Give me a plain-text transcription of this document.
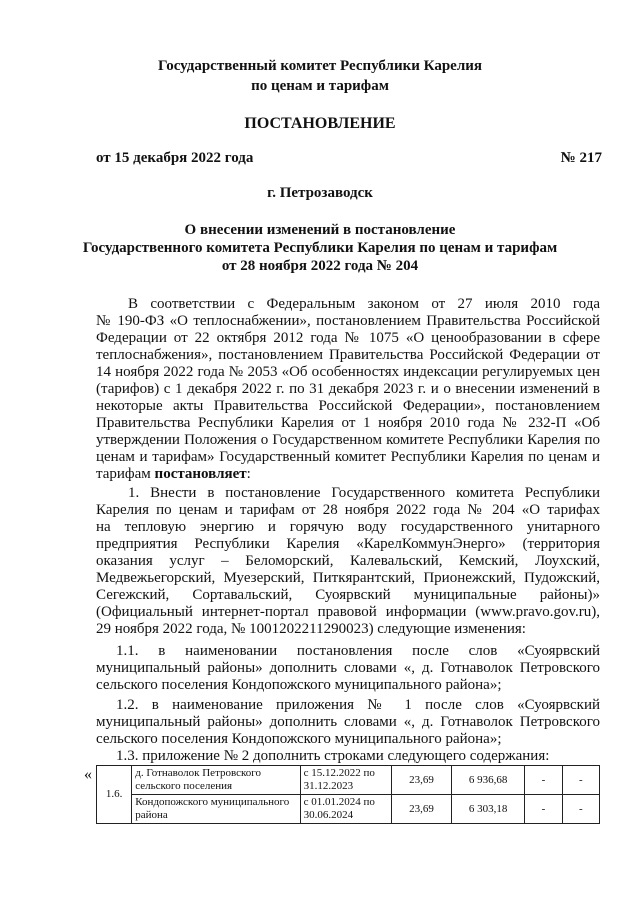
Государственный комитет Республики Карелия
по ценам и тарифам
ПОСТАНОВЛЕНИЕ
от 15 декабря 2022 года	№ 217
г. Петрозаводск
О внесении изменений в постановление
Государственного комитета Республики Карелия по ценам и тарифам
от 28 ноября 2022 года № 204
В соответствии с Федеральным законом от 27 июля 2010 года
№ 190-ФЗ «О теплоснабжении», постановлением Правительства Российской
Федерации от 22 октября 2012 года № 1075 «О ценообразовании в сфере
теплоснабжения», постановлением Правительства Российской Федерации от
14 ноября 2022 года № 2053 «Об особенностях индексации регулируемых цен
(тарифов) с 1 декабря 2022 г. по 31 декабря 2023 г. и о внесении изменений в
некоторые акты Правительства Российской Федерации», постановлением
Правительства Республики Карелия от 1 ноября 2010 года № 232-П «Об
утверждении Положения о Государственном комитете Республики Карелия по
ценам и тарифам» Государственный комитет Республики Карелия по ценам и
тарифам постановляет:
1. Внести в постановление Государственного комитета Республики
Карелия по ценам и тарифам от 28 ноября 2022 года № 204 «О тарифах
на тепловую энергию и горячую воду государственного унитарного
предприятия Республики Карелия «КарелКоммунЭнерго» (территория
оказания услуг – Беломорский, Калевальский, Кемский, Лоухский,
Медвежьегорский, Муезерский, Питкярантский, Прионежский, Пудожский,
Сегежский, Сортавальский, Суоярвский муниципальные районы)»
(Официальный интернет-портал правовой информации (www.pravo.gov.ru),
29 ноября 2022 года, № 1001202211290023) следующие изменения:
1.1. в наименовании постановления после слов «Суоярвский
муниципальный районы» дополнить словами «, д. Готнаволок Петровского
сельского поселения Кондопожского муниципального района»;
1.2. в наименование приложения № 1 после слов «Суоярвский
муниципальный районы» дополнить словами «, д. Готнаволок Петровского
сельского поселения Кондопожского муниципального района»;
1.3. приложение № 2 дополнить строками следующего содержания:
«
1.6.	д. Готнаволок Петровского сельского поселения	с 15.12.2022 по 31.12.2023	23,69	6 936,68	-	-
	Кондопожского муниципального района	с 01.01.2024 по 30.06.2024	23,69	6 303,18	-	-
